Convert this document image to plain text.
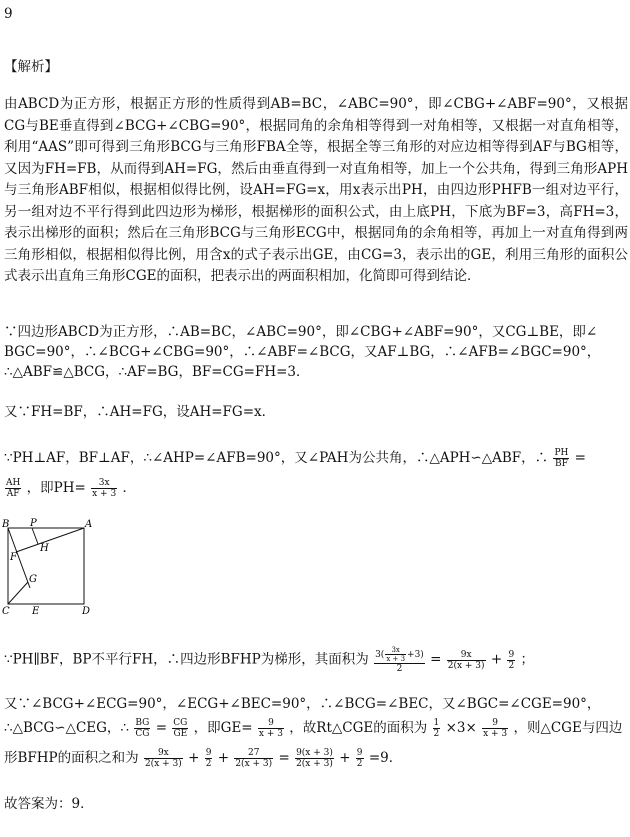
9
【解析】
由ABCD为正方形，根据正方形的性质得到AB=BC，∠ABC=90°，即∠CBG+∠ABF=90°，又根据CG与BE垂直得到∠BCG+∠CBG=90°，根据同角的余角相等得到一对角相等，又根据一对直角相等，利用“AAS”即可得到三角形BCG与三角形FBA全等，根据全等三角形的对应边相等得到AF与BG相等，又因为FH=FB，从而得到AH=FG，然后由垂直得到一对直角相等，加上一个公共角，得到三角形APH与三角形ABF相似，根据相似得比例，设AH=FG=x，用x表示出PH，由四边形PHFB一组对边平行，另一组对边不平行得到此四边形为梯形，根据梯形的面积公式，由上底PH，下底为BF=3，高FH=3，表示出梯形的面积；然后在三角形BCG与三角形ECG中，根据同角的余角相等，再加上一对直角得到两三角形相似，根据相似得比例，用含x的式子表示出GE，由CG=3，表示出的GE，利用三角形的面积公式表示出直角三角形CGE的面积，把表示出的两面积相加，化简即可得到结论．
∵四边形ABCD为正方形，∴AB=BC，∠ABC=90°，即∠CBG+∠ABF=90°，又CG⊥BE，即∠
BGC=90°，∴∠BCG+∠CBG=90°，∴∠ABF=∠BCG，又AF⊥BG，∴∠AFB=∠BGC=90°，
∴△ABF≌△BCG，∴AF=BG，BF=CG=FH=3．
又∵FH=BF，∴AH=FG，设AH=FG=x．
∵PH⊥AF，BF⊥AF，∴∠AHP=∠AFB=90°，又∠PAH为公共角，∴△APH∽△ABF，∴ $\frac{PH}{BF}$ =
$\frac{AH}{AF}$ ，即$PH= \frac{3x}{x + 3}$ ．
B P	A
H
F
G
C E	D
∵PH∥BF，BP不平行FH，∴四边形BFHP为梯形，其面积为 $\frac{3( \frac{3x}{x + 3} +3)}{2} = \frac{9x}{2(x + 3)} + \frac{9}{2}$ ；
又∵∠BCG+∠ECG=90°，∠ECG+∠BEC=90°，∴∠BCG=∠BEC，又∠BGC=∠CGE=90°，
∴△BCG∽△CEG，∴ $\frac{BG}{CG} = \frac{CG}{GE}$ ，即$GE= \frac{9}{x + 3}$ ，故Rt△CGE的面积为 $\frac{1}{2} \times 3\times \frac{9}{x + 3}$ ，则△CGE与四边
形BFHP的面积之和为 $\frac{9x}{2(x + 3)} + \frac{9}{2} + \frac{27}{2(x + 3)} = \frac{9(x + 3)}{2(x + 3)} + \frac{9}{2} =9$．
故答案为：9．
